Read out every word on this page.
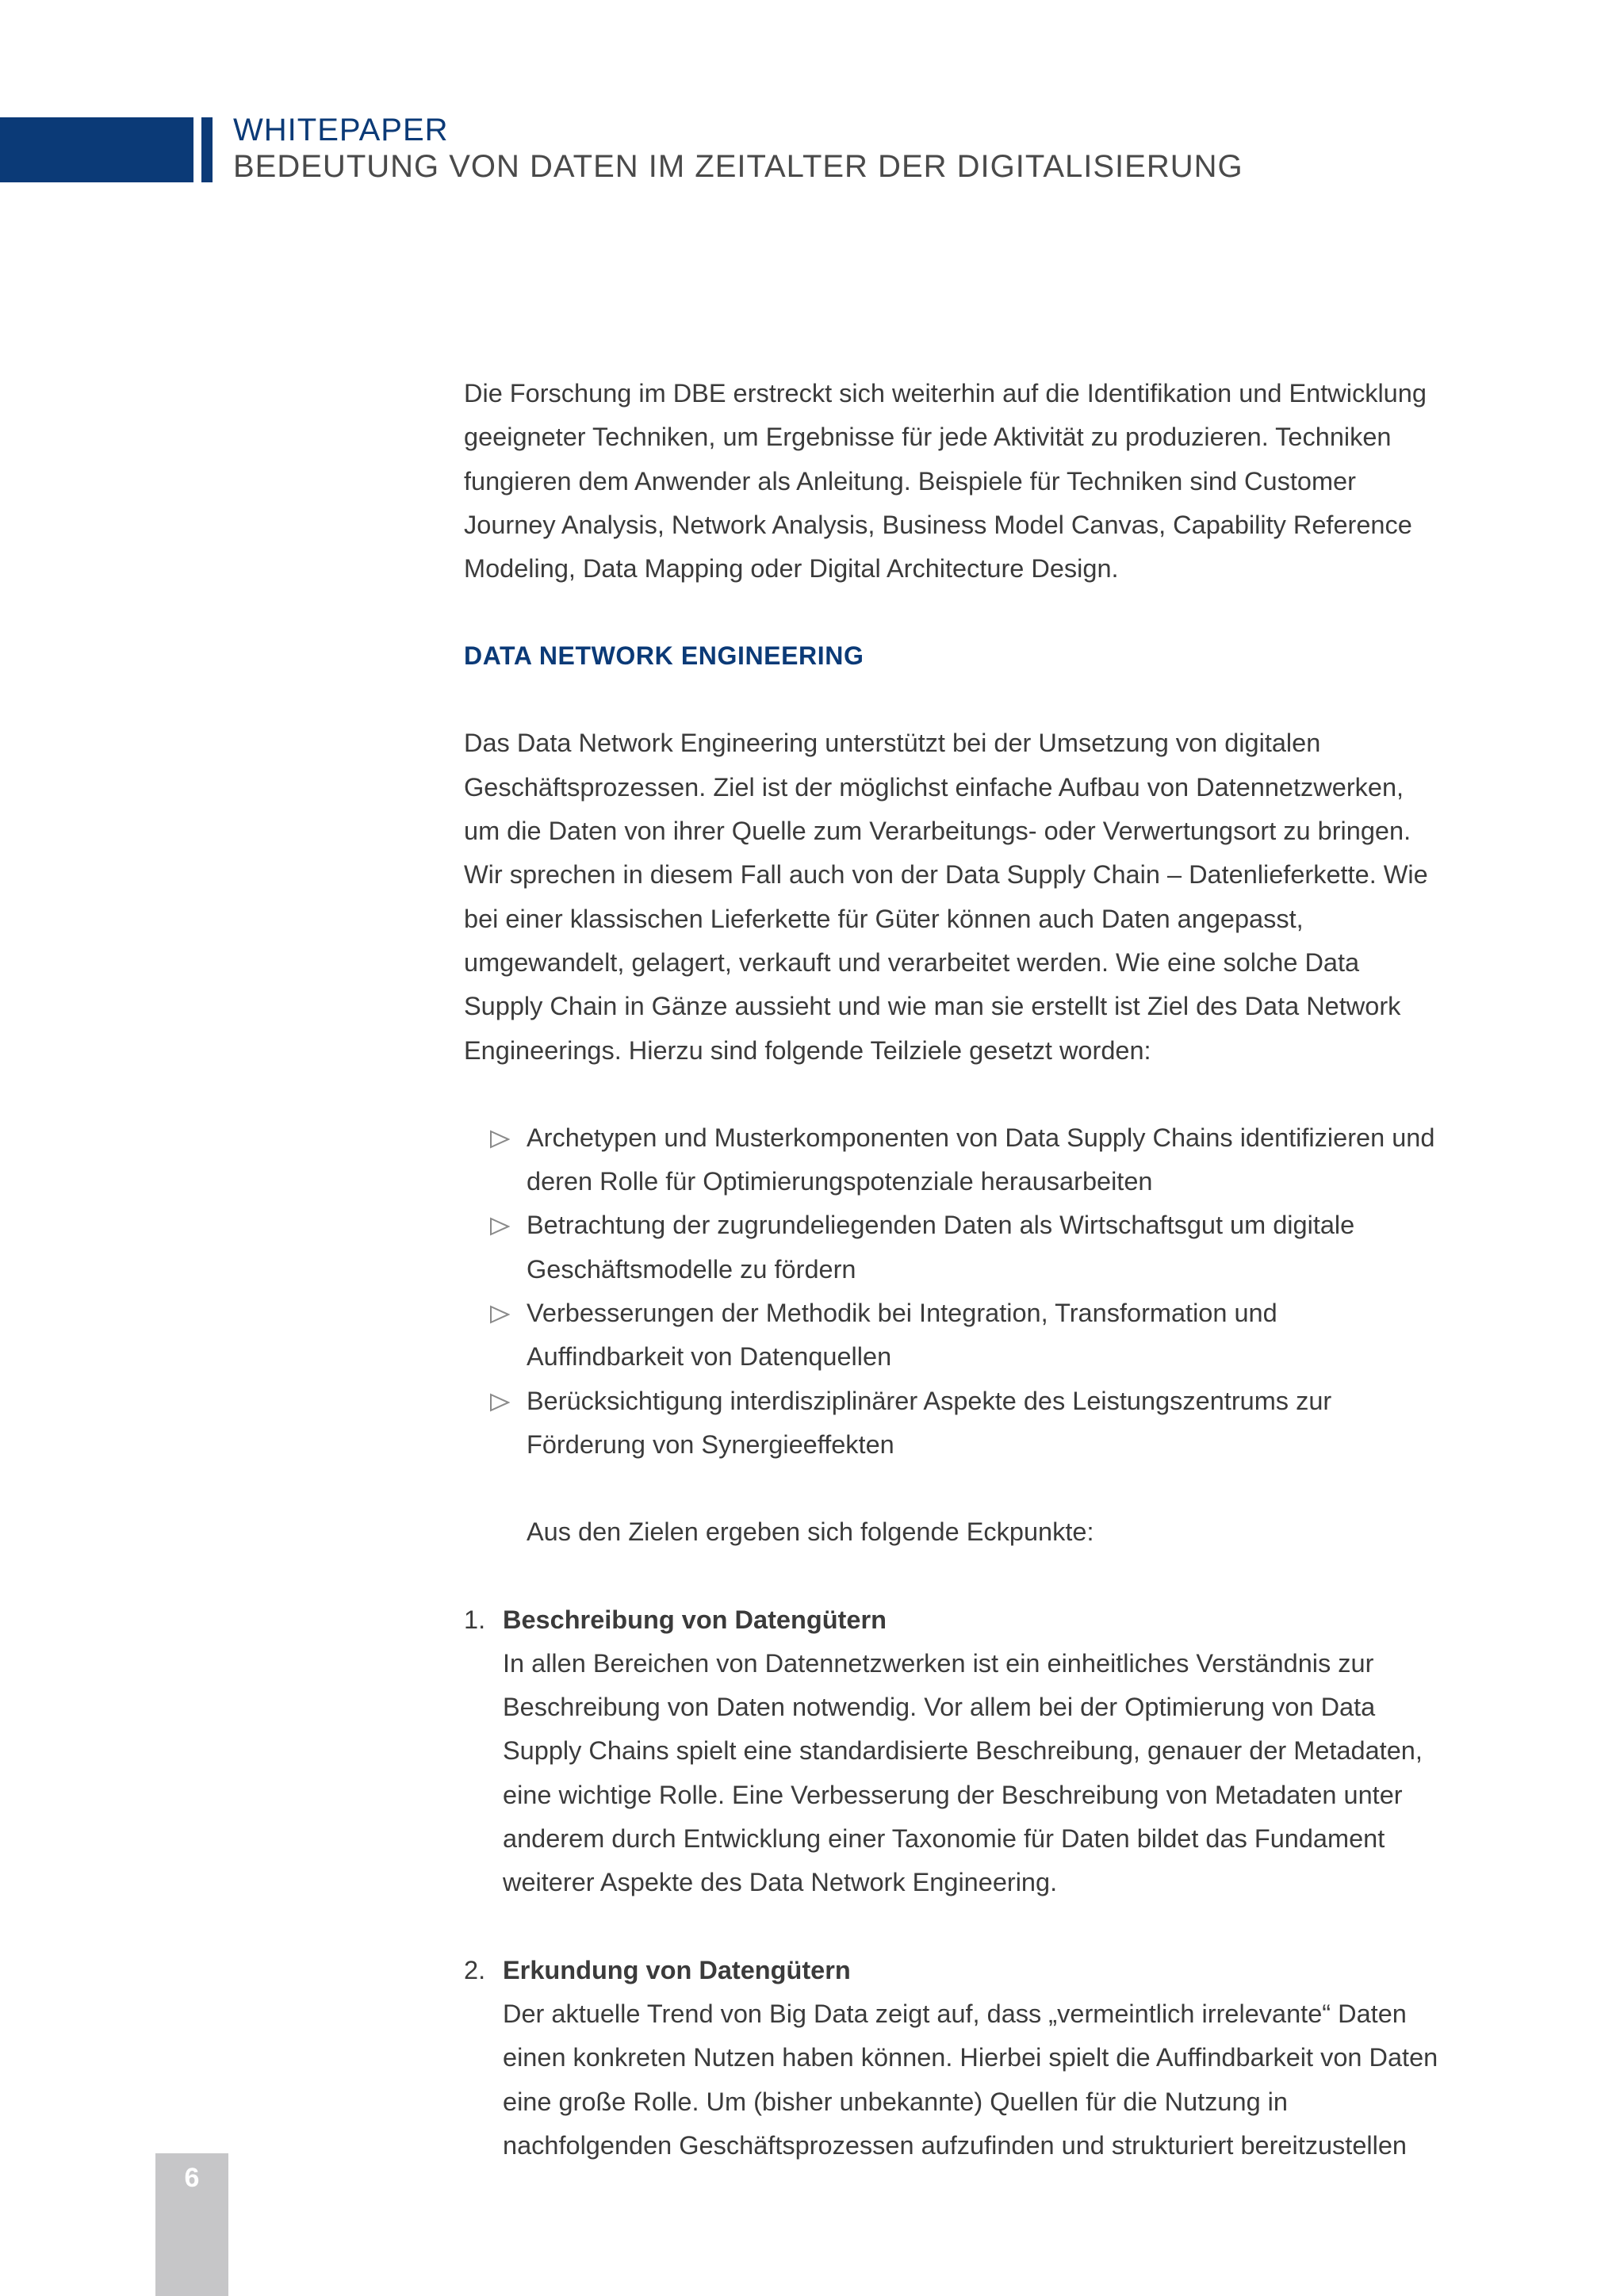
WHITEPAPER
BEDEUTUNG VON DATEN IM ZEITALTER DER DIGITALISIERUNG

Die Forschung im DBE erstreckt sich weiterhin auf die Identifikation und Entwicklung geeigneter Techniken, um Ergebnisse für jede Aktivität zu produzieren. Techniken fungieren dem Anwender als Anleitung. Beispiele für Techniken sind Customer Journey Analysis, Network Analysis, Business Model Canvas, Capability Reference Modeling, Data Mapping oder Digital Architecture Design.

DATA NETWORK ENGINEERING

Das Data Network Engineering unterstützt bei der Umsetzung von digitalen Geschäftsprozessen. Ziel ist der möglichst einfache Aufbau von Datennetzwerken, um die Daten von ihrer Quelle zum Verarbeitungs- oder Verwertungsort zu bringen. Wir sprechen in diesem Fall auch von der Data Supply Chain – Datenlieferkette. Wie bei einer klassischen Lieferkette für Güter können auch Daten angepasst, umgewandelt, gelagert, verkauft und verarbeitet werden. Wie eine solche Data Supply Chain in Gänze aussieht und wie man sie erstellt ist Ziel des Data Network Engineerings. Hierzu sind folgende Teilziele gesetzt worden:

Archetypen und Musterkomponenten von Data Supply Chains identifizieren und deren Rolle für Optimierungspotenziale herausarbeiten
Betrachtung der zugrundeliegenden Daten als Wirtschaftsgut um digitale Geschäftsmodelle zu fördern
Verbesserungen der Methodik bei Integration, Transformation und Auffindbarkeit von Datenquellen
Berücksichtigung interdisziplinärer Aspekte des Leistungszentrums zur Förderung von Synergieeffekten

Aus den Zielen ergeben sich folgende Eckpunkte:

1. Beschreibung von Datengütern
In allen Bereichen von Datennetzwerken ist ein einheitliches Verständnis zur Beschreibung von Daten notwendig. Vor allem bei der Optimierung von Data Supply Chains spielt eine standardisierte Beschreibung, genauer der Metadaten, eine wichtige Rolle. Eine Verbesserung der Beschreibung von Metadaten unter anderem durch Entwicklung einer Taxonomie für Daten bildet das Fundament weiterer Aspekte des Data Network Engineering.
2. Erkundung von Datengütern
Der aktuelle Trend von Big Data zeigt auf, dass „vermeintlich irrelevante“ Daten einen konkreten Nutzen haben können. Hierbei spielt die Auffindbarkeit von Daten eine große Rolle. Um (bisher unbekannte) Quellen für die Nutzung in nachfolgenden Geschäftsprozessen aufzufinden und strukturiert bereitzustellen
6
